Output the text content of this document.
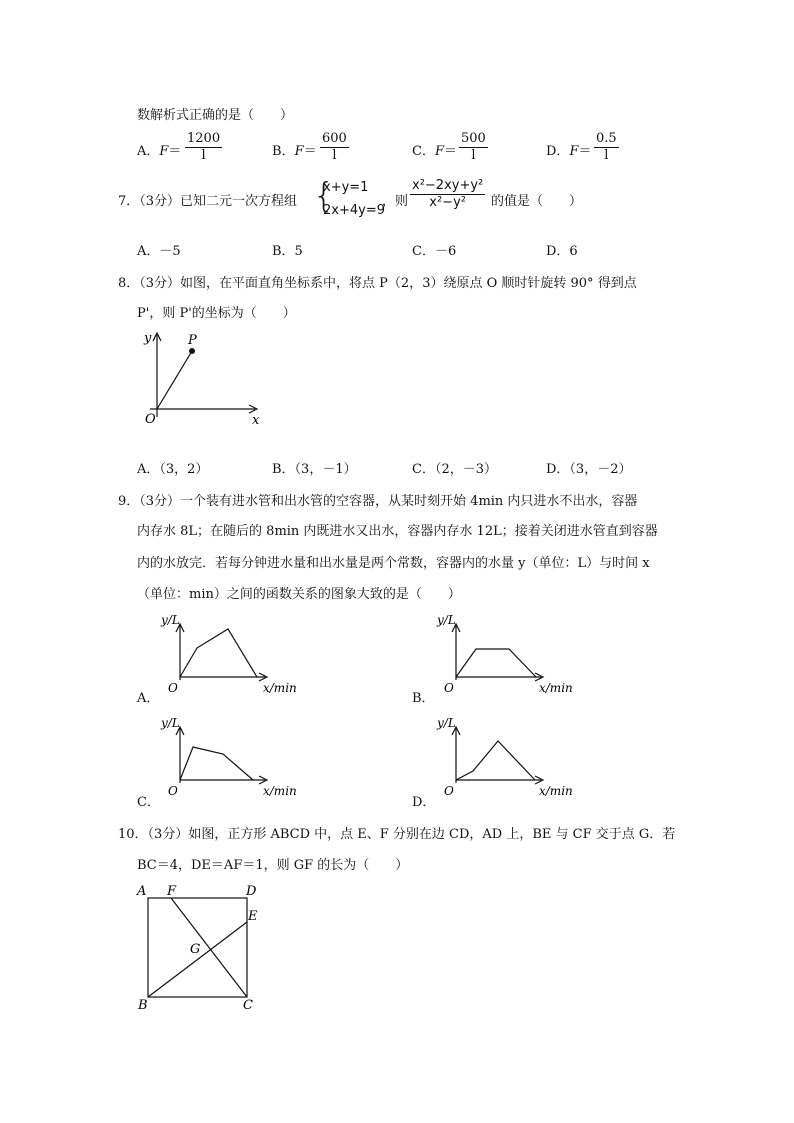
数解析式正确的是（　　）
A．$F= \frac{1200}{l}$	B．$F= \frac{600}{l}$	C．$F= \frac{500}{l}$	D．$F= \frac{0.5}{l}$
7．（3分）已知二元一次方程组 {
x+y=1
2x+4y=9
，则 $\frac{\text{x²−2xy+y²}}{\text{x²−y²}}$ 的值是（　　）
A．－5	B．5	C．－6	D．6
8．（3分）如图，在平面直角坐标系中，将点 P（2，3）绕原点 O 顺时针旋转 90° 得到点
P'，则 P'的坐标为（　　）
y
x
O
P
A．（3，2）	B．（3，－1）	C．（2，－3）	D．（3，－2）
9．（3分）一个装有进水管和出水管的空容器，从某时刻开始 4min 内只进水不出水，容器
内存水 8L；在随后的 8min 内既进水又出水，容器内存水 12L；接着关闭进水管直到容器
内的水放完．若每分钟进水量和出水量是两个常数，容器内的水量 y（单位：L）与时间 x
（单位：min）之间的函数关系的图象大致的是（　　）
A．
y/L
O	x/min
B．
y/L
O	x/min
C．
y/L
O	x/min
D．
y/L
O	x/min
10．（3分）如图，正方形 ABCD 中，点 E、F 分别在边 CD，AD 上，BE 与 CF 交于点 G．若
BC＝4，DE＝AF＝1，则 GF 的长为（　　）
A F	D
E
G
B	C
